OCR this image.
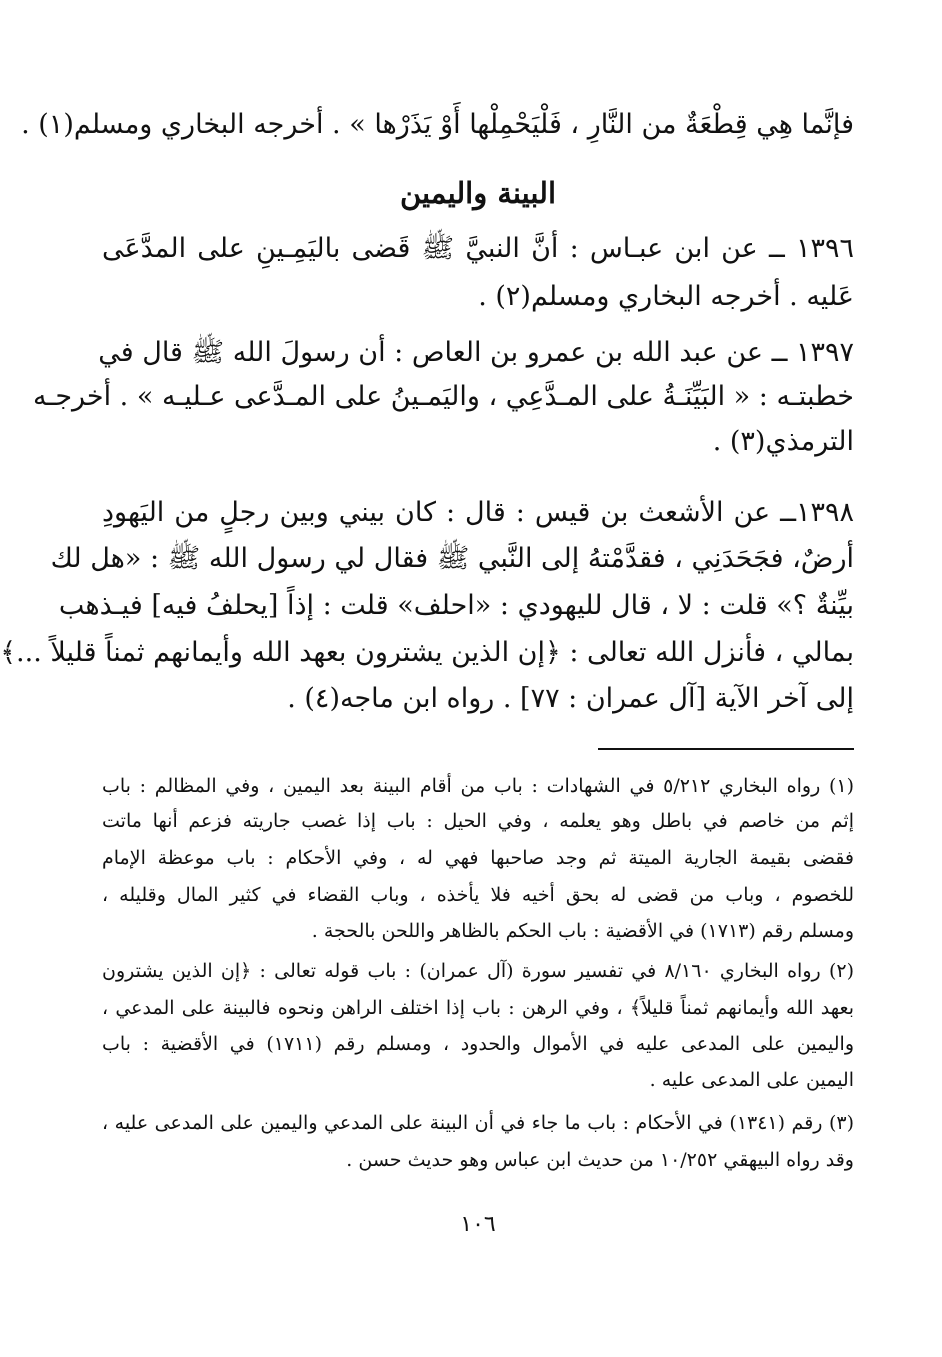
فإنَّما هِي قِطْعَةٌ من النَّارِ ، فَلْيَحْمِلْها أَوْ يَذَرْها » . أخرجه البخاري ومسلم(١) .
البينة واليمين
١٣٩٦ ــ عن ابن عبـاس : أنَّ النبيَّ ﷺ قَضى باليَمِـينِ على المدَّعَى
عَليه . أخرجه البخاري ومسلم(٢) .
١٣٩٧ ــ عن عبد الله بن عمرو بن العاص : أن رسولَ الله ﷺ قال في
خطبتـه : « البَيِّنَـةُ على المـدَّعِي ، واليَمـينُ على المـدَّعى عـليـه » . أخرجـه
الترمذي(٣) .
١٣٩٨ــ عن الأشعث بن قيس : قال : كان بيني وبين رجلٍ من اليَهودِ
أرضٌ، فجَحَدَنِي ، فقدَّمْتهُ إلى النَّبي ﷺ فقال لي رسول الله ﷺ : «هل لك
بيِّنةٌ ؟» قلت : لا ، قال لليهودي : «احلف» قلت : إذاً [يحلفُ فيه] فيـذهب
بمالي ، فأنزل الله تعالى : ﴿إن الذين يشترون بعهد الله وأيمانهم ثمناً قليلاً ...﴾
إلى آخر الآية [آل عمران : ٧٧] . رواه ابن ماجه(٤) .
(١) رواه البخاري ٥/٢١٢ في الشهادات : باب من أقام البينة بعد اليمين ، وفي المظالم : باب
إثم من خاصم في باطل وهو يعلمه ، وفي الحيل : باب إذا غصب جاريته فزعم أنها ماتت
فقضى بقيمة الجارية الميتة ثم وجد صاحبها فهي له ، وفي الأحكام : باب موعظة الإمام
للخصوم ، وباب من قضى له بحق أخيه فلا يأخذه ، وباب القضاء في كثير المال وقليله ،
ومسلم رقم (١٧١٣) في الأقضية : باب الحكم بالظاهر واللحن بالحجة .
(٢) رواه البخاري ٨/١٦٠ في تفسير سورة (آل عمران) : باب قوله تعالى : ﴿إن الذين يشترون
بعهد الله وأيمانهم ثمناً قليلاً﴾ ، وفي الرهن : باب إذا اختلف الراهن ونحوه فالبينة على المدعي ،
واليمين على المدعى عليه في الأموال والحدود ، ومسلم رقم (١٧١١) في الأقضية : باب
اليمين على المدعى عليه .
(٣) رقم (١٣٤١) في الأحكام : باب ما جاء في أن البينة على المدعي واليمين على المدعى عليه ،
وقد رواه البيهقي ١٠/٢٥٢ من حديث ابن عباس وهو حديث حسن .
١٠٦
